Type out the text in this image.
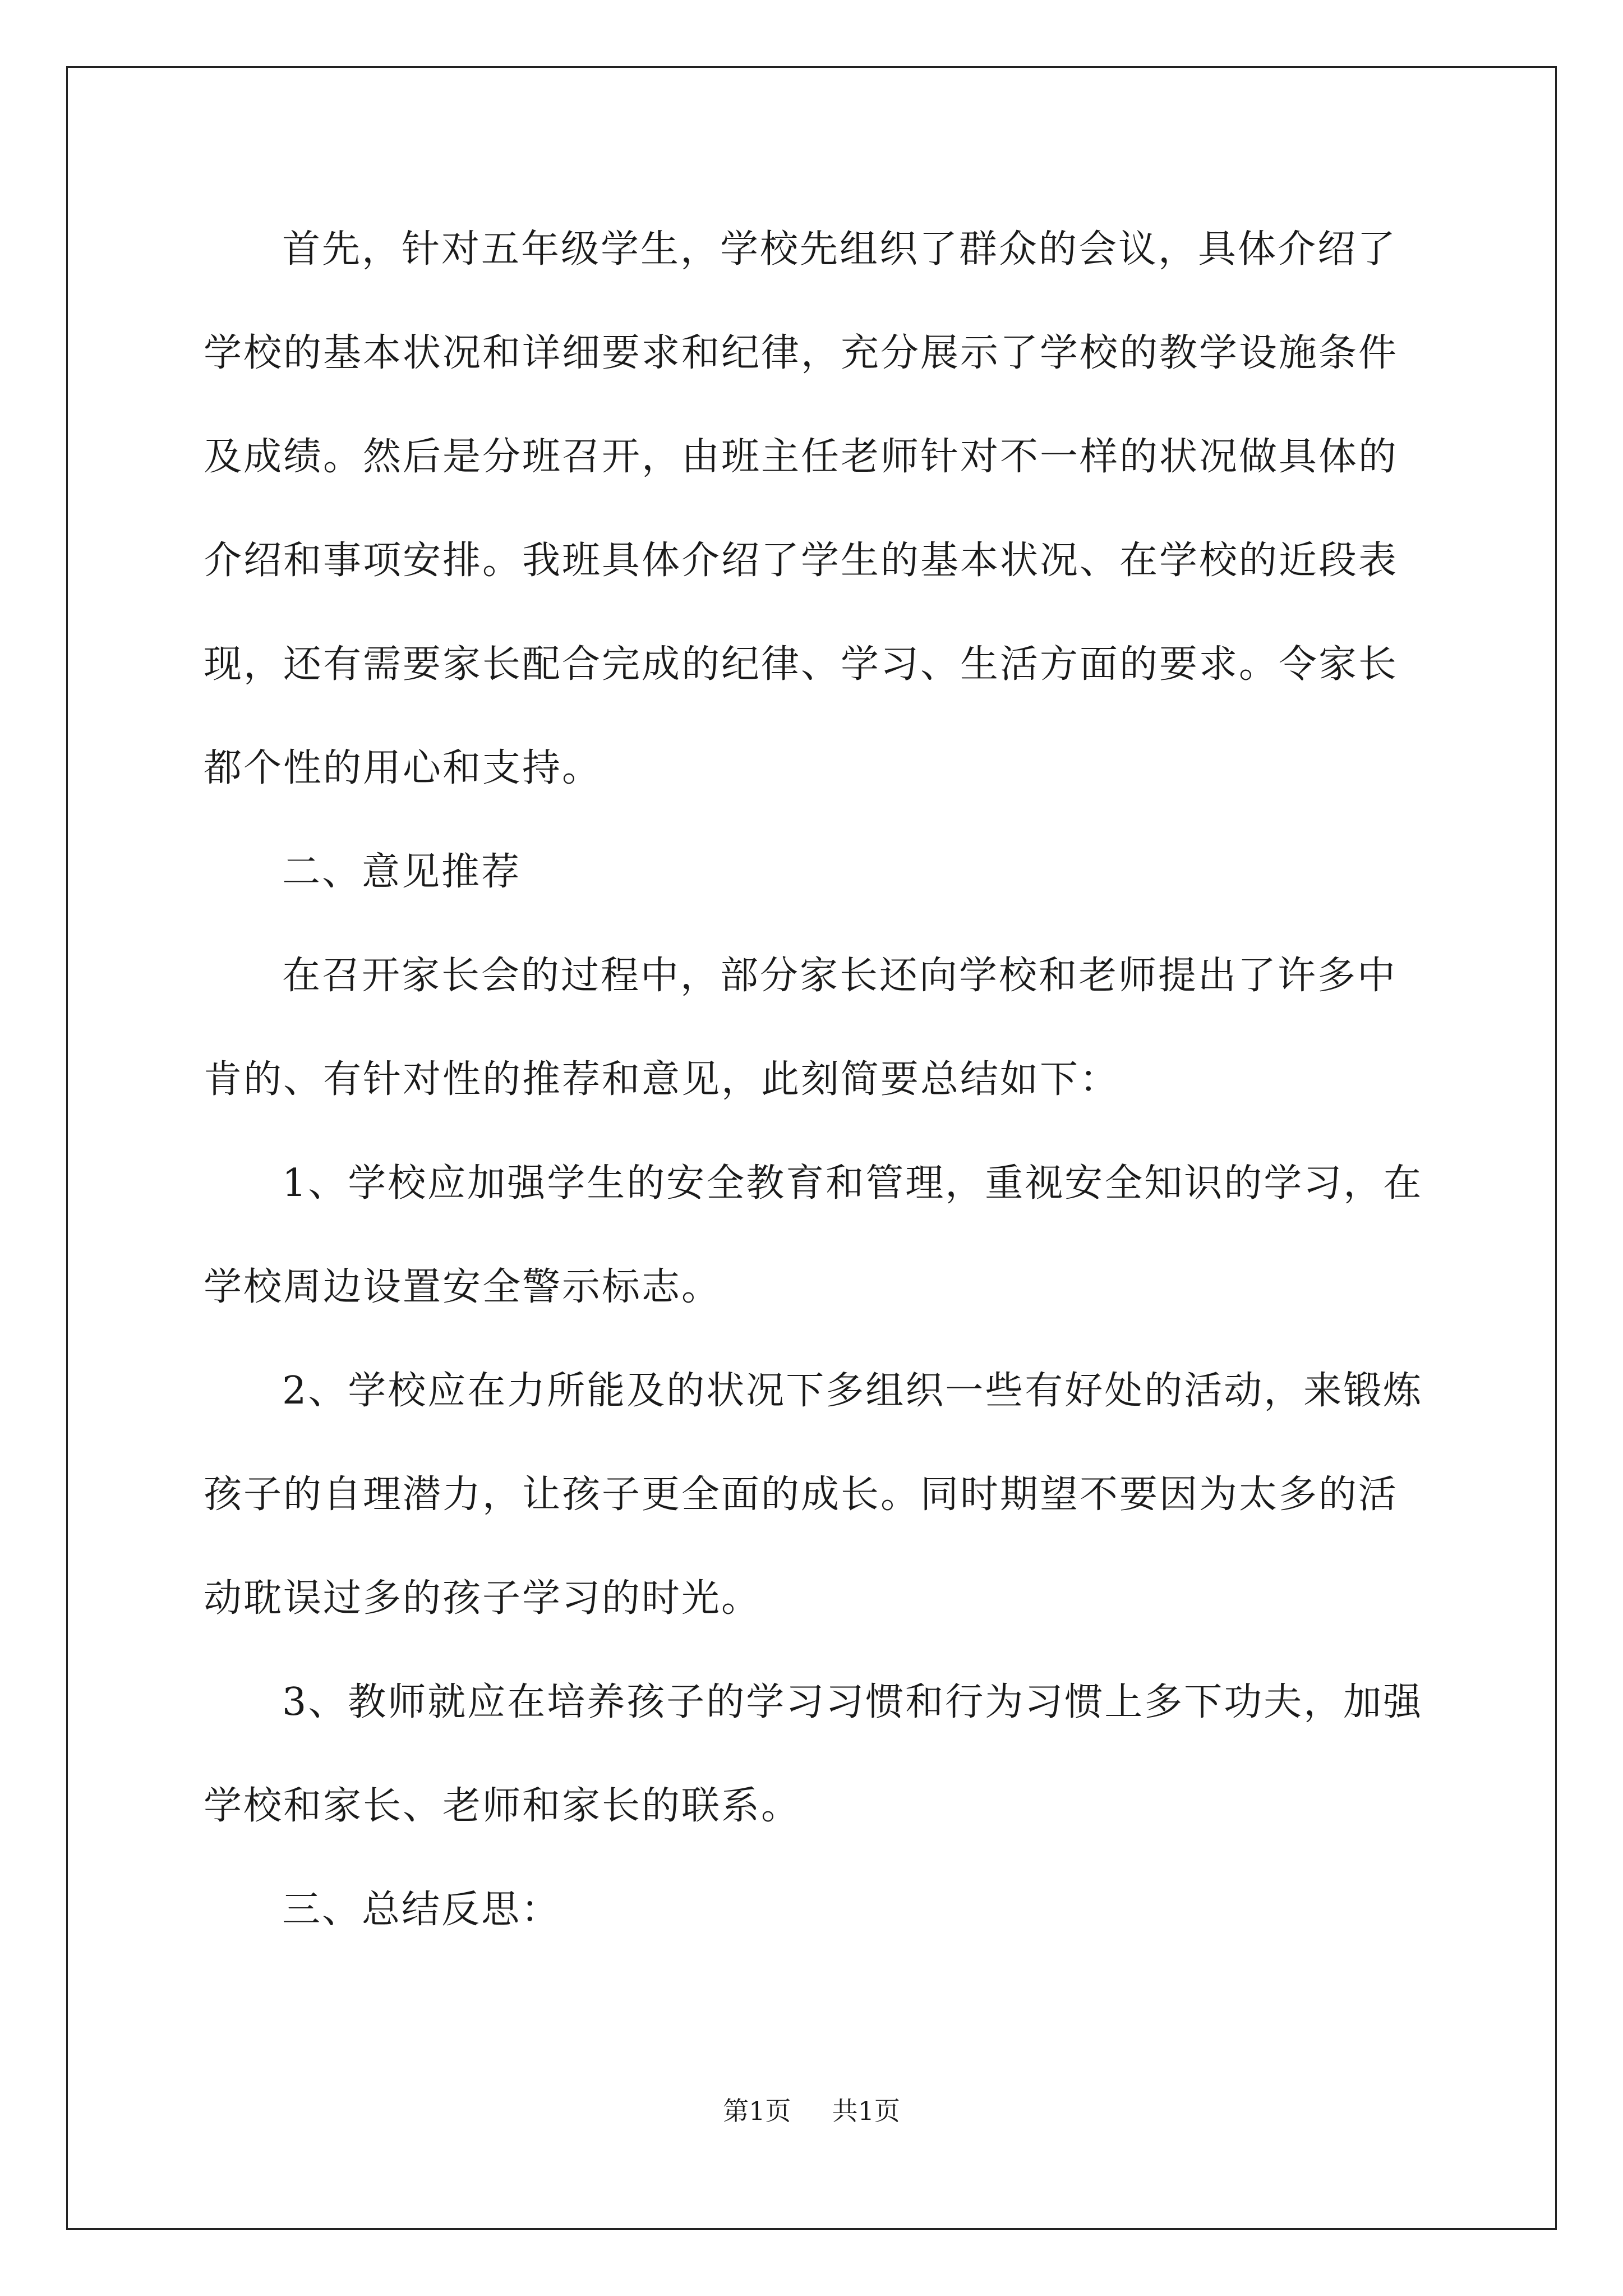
首先，针对五年级学生，学校先组织了群众的会议，具体介绍了
学校的基本状况和详细要求和纪律，充分展示了学校的教学设施条件
及成绩。然后是分班召开，由班主任老师针对不一样的状况做具体的
介绍和事项安排。我班具体介绍了学生的基本状况、在学校的近段表
现，还有需要家长配合完成的纪律、学习、生活方面的要求。令家长
都个性的用心和支持。
二、意见推荐
在召开家长会的过程中，部分家长还向学校和老师提出了许多中
肯的、有针对性的推荐和意见，此刻简要总结如下：
1、学校应加强学生的安全教育和管理，重视安全知识的学习，在
学校周边设置安全警示标志。
2、学校应在力所能及的状况下多组织一些有好处的活动，来锻炼
孩子的自理潜力，让孩子更全面的成长。同时期望不要因为太多的活
动耽误过多的孩子学习的时光。
3、教师就应在培养孩子的学习习惯和行为习惯上多下功夫，加强
学校和家长、老师和家长的联系。
三、总结反思：
第1页 共1页
